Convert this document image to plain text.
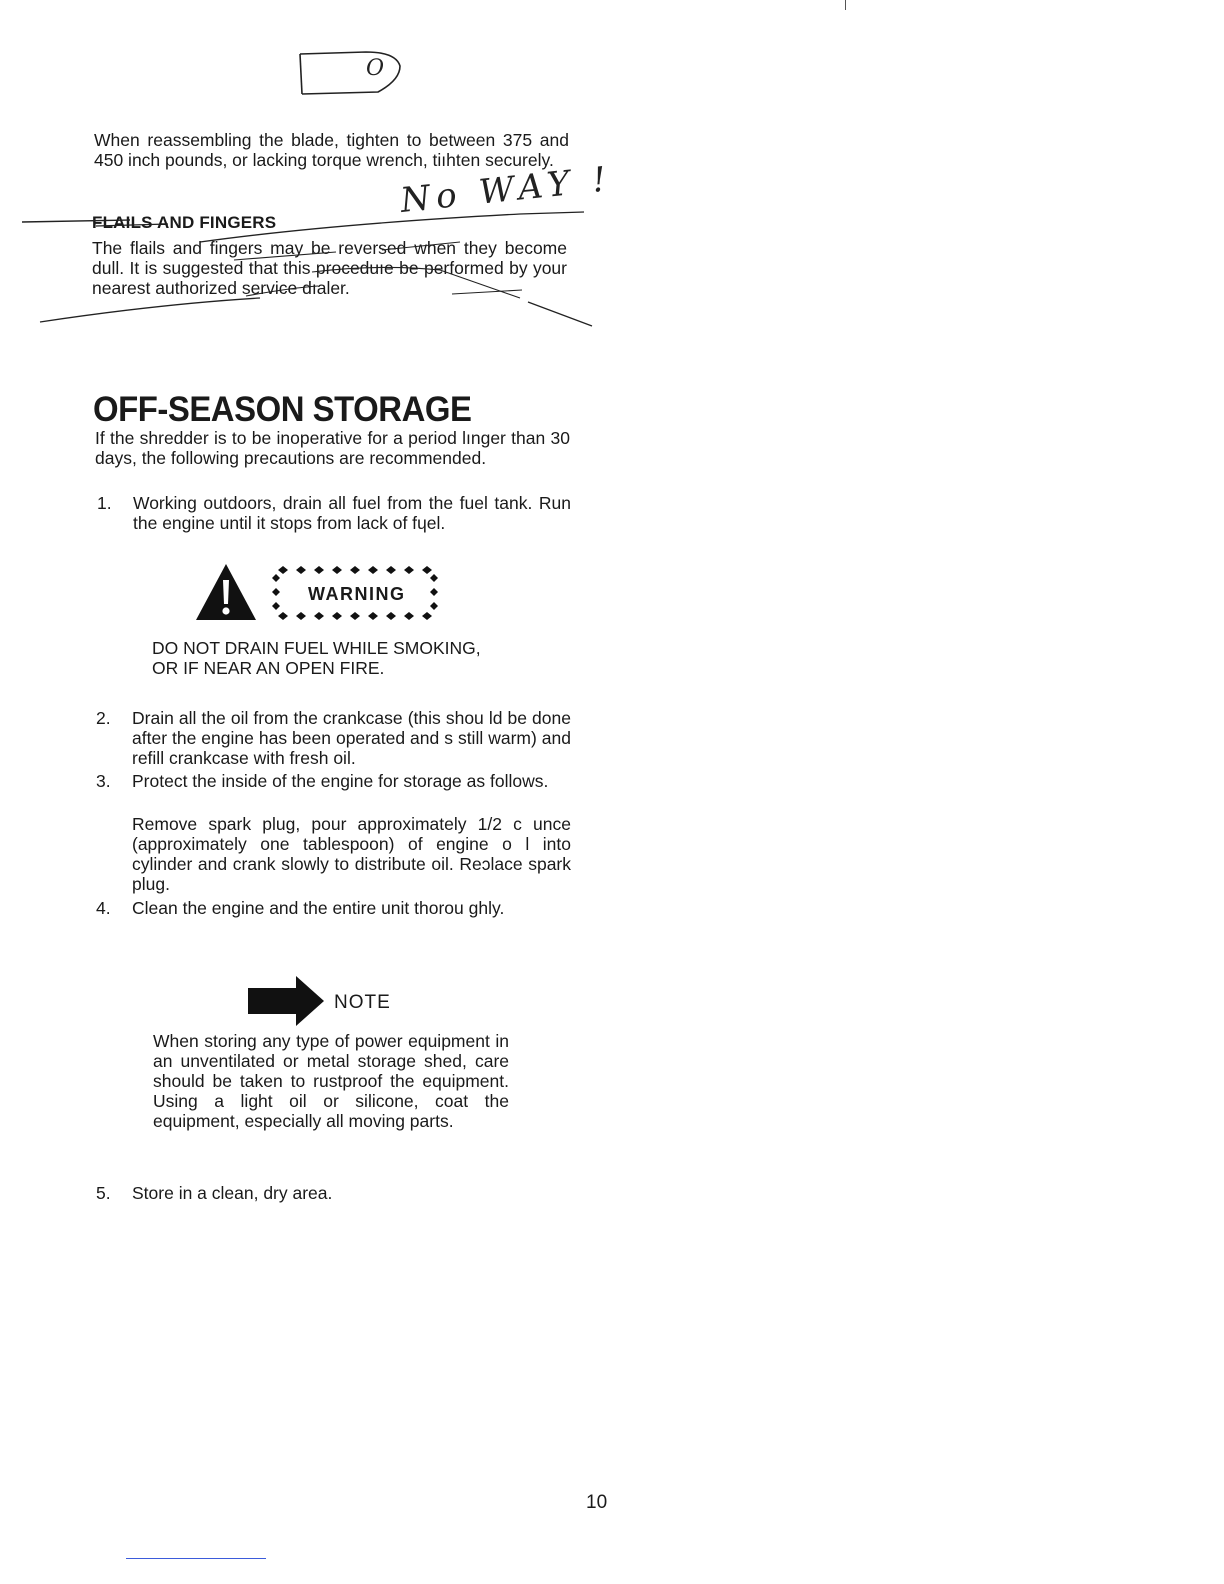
O
When reassembling the blade, tighten to between 375 and 450 inch pounds, or lacking torque wrench, tiıhten securely.
FLAILS AND FINGERS
The flails and fingers may be reversed when they become dull. It is suggested that this proceduıe be performed by your nearest authorized service dıaler.
No WAY !
OFF-SEASON STORAGE
If the shredder is to be inoperative for a period lınger than 30 days, the following precautions are recommended.
1. Working outdoors, drain all fuel from the fuel tank. Run the engine until it stops from lack of fɥel.
WARNING
DO NOT DRAIN FUEL WHILE SMOKING,
OR IF NEAR AN OPEN FIRE.
2. Drain all the oil from the crankcase (this shou ld be done after the engine has been operated and s still warm) and refill crankcase with fresh oil.
3. Protect the inside of the engine for storaɡe as follows.
Remove spark plug, pour approximately 1/2 c unce (approximately one tablespoon) of engine o l into cylinder and crank slowly to distribute oil. Reɔlace spark plug.
4. Clean the engine and the entire unit thorou ghly.
NOTE
When storing any type of power equipment in an unventilated or metal storage shed, care should be taken to rustproof the equipment. Using a light oil or silicone, coat the equipment, especially all moving parts.
5. Store in a clean, dry area.
10
